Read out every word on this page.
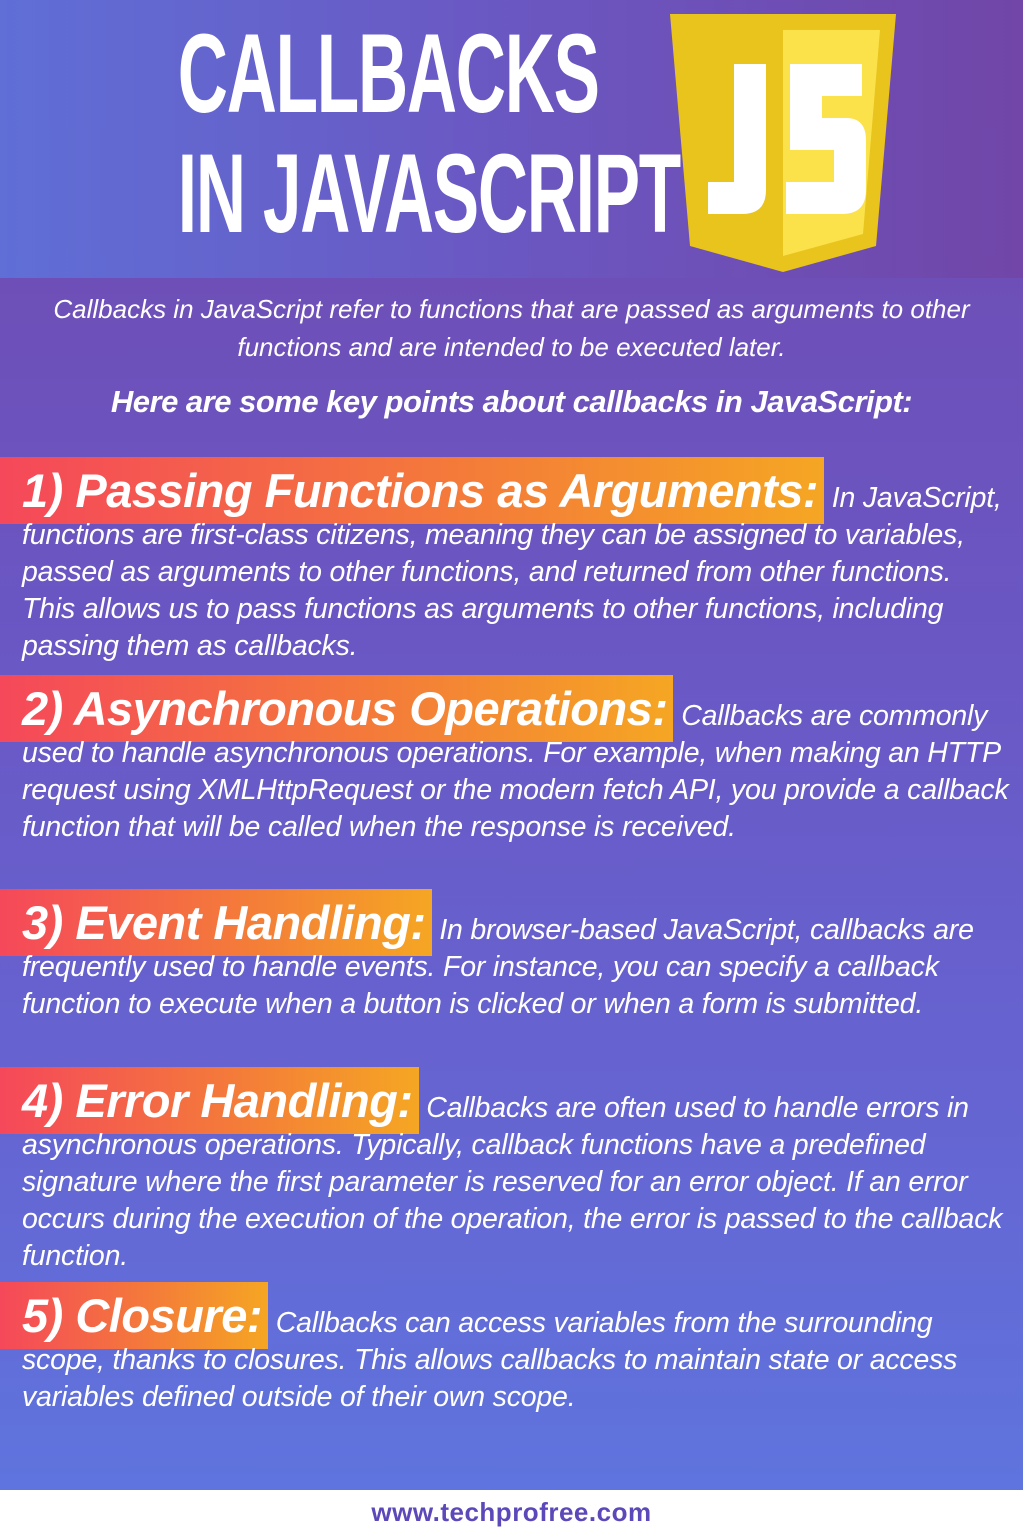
CALLBACKS
IN JAVASCRIPT

Callbacks in JavaScript refer to functions that are passed as arguments to other functions and are intended to be executed later.

Here are some key points about callbacks in JavaScript:

1) Passing Functions as Arguments: In JavaScript, functions are first-class citizens, meaning they can be assigned to variables, passed as arguments to other functions, and returned from other functions. This allows us to pass functions as arguments to other functions, including passing them as callbacks.

2) Asynchronous Operations: Callbacks are commonly used to handle asynchronous operations. For example, when making an HTTP request using XMLHttpRequest or the modern fetch API, you provide a callback function that will be called when the response is received.

3) Event Handling: In browser-based JavaScript, callbacks are frequently used to handle events. For instance, you can specify a callback function to execute when a button is clicked or when a form is submitted.

4) Error Handling: Callbacks are often used to handle errors in asynchronous operations. Typically, callback functions have a predefined signature where the first parameter is reserved for an error object. If an error occurs during the execution of the operation, the error is passed to the callback function.

5) Closure: Callbacks can access variables from the surrounding scope, thanks to closures. This allows callbacks to maintain state or access variables defined outside of their own scope.

www.techprofree.com
